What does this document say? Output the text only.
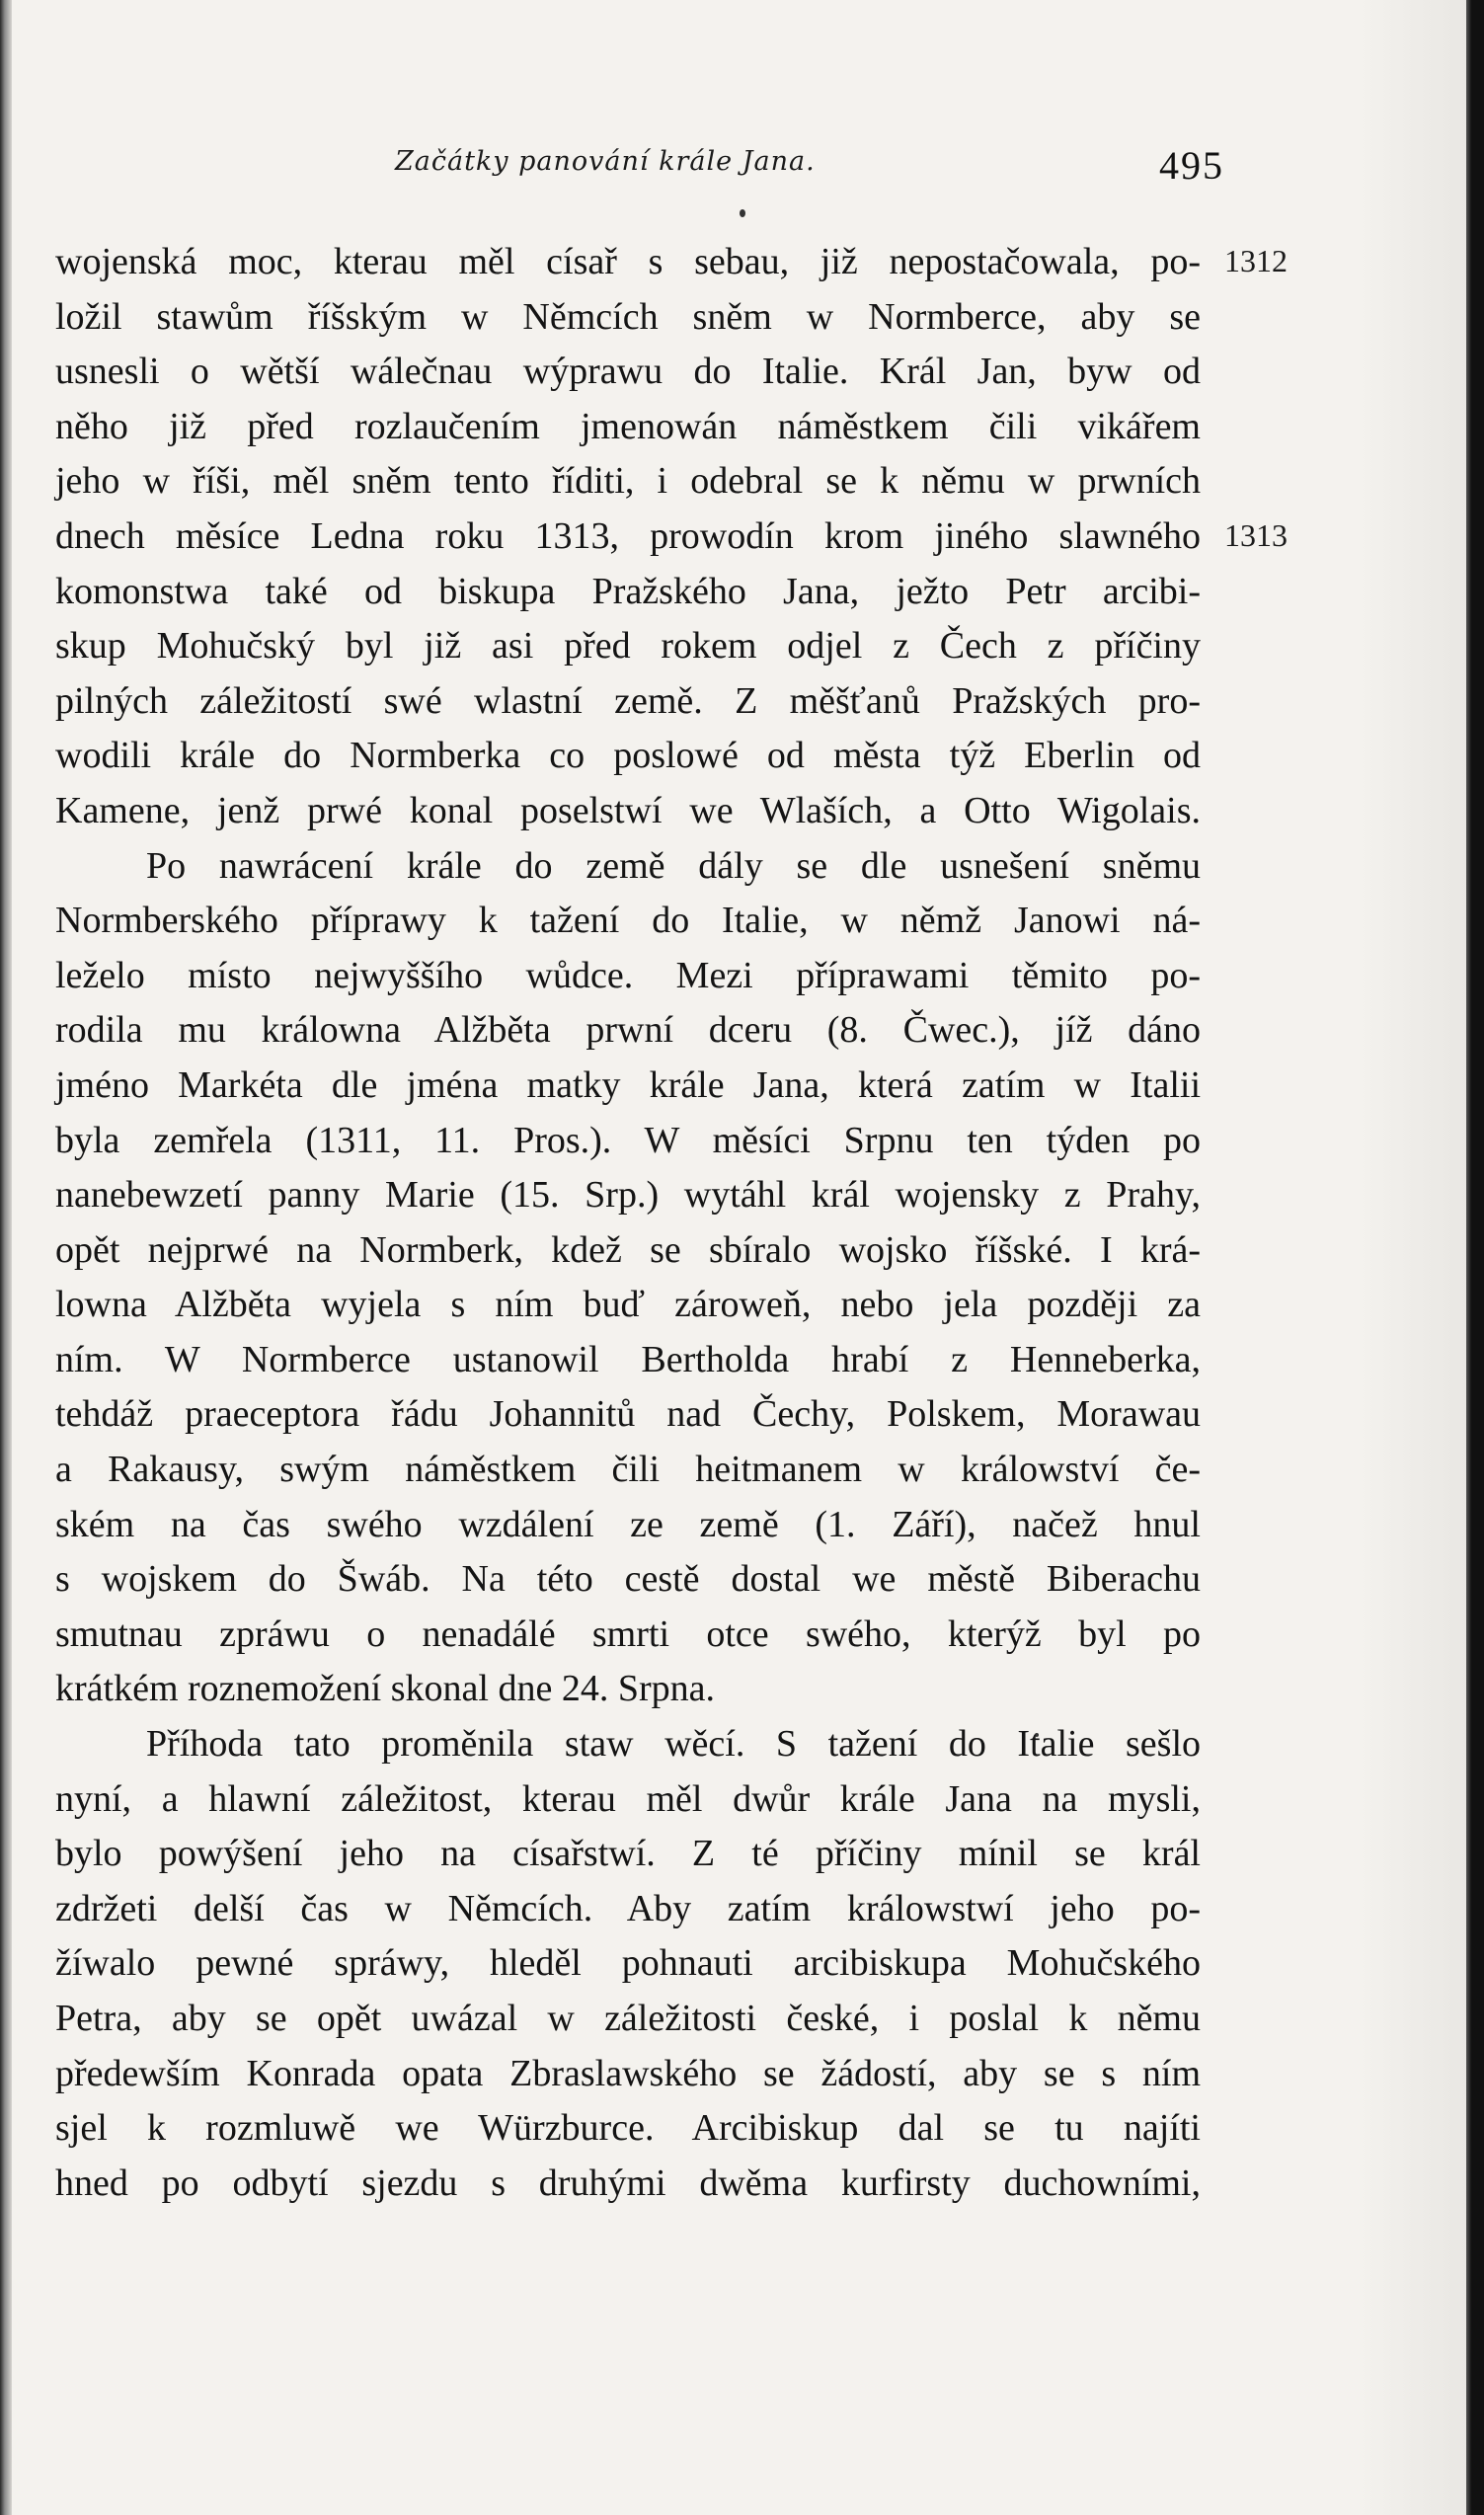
Začátky panování krále Jana.	495
1312
1313
wojenská moc, kterau měl císař s sebau, již nepostačowala, po-
ložil stawům říšským w Němcích sněm w Normberce, aby se
usnesli o wětší wálečnau wýprawu do Italie. Král Jan, byw od
něho již před rozlaučením jmenowán náměstkem čili vikářem
jeho w říši, měl sněm tento říditi, i odebral se k němu w prwních
dnech měsíce Ledna roku 1313, prowodín krom jiného slawného
komonstwa také od biskupa Pražského Jana, ježto Petr arcibi-
skup Mohučský byl již asi před rokem odjel z Čech z příčiny
pilných záležitostí swé wlastní země. Z měšťanů Pražských pro-
wodili krále do Normberka co poslowé od města týž Eberlin od
Kamene, jenž prwé konal poselstwí we Wlaších, a Otto Wigolais.
Po nawrácení krále do země dály se dle usnešení sněmu
Normberského příprawy k tažení do Italie, w němž Janowi ná-
leželo místo nejwyššího wůdce. Mezi příprawami těmito po-
rodila mu králowna Alžběta prwní dceru (8. Čwec.), jíž dáno
jméno Markéta dle jména matky krále Jana, která zatím w Italii
byla zemřela (1311, 11. Pros.). W měsíci Srpnu ten týden po
nanebewzetí panny Marie (15. Srp.) wytáhl král wojensky z Prahy,
opět nejprwé na Normberk, kdež se sbíralo wojsko říšské. I krá-
lowna Alžběta wyjela s ním buď zároweň, nebo jela později za
ním. W Normberce ustanowil Bertholda hrabí z Henneberka,
tehdáž praeceptora řádu Johannitů nad Čechy, Polskem, Morawau
a Rakausy, swým náměstkem čili heitmanem w králowství če-
ském na čas swého wzdálení ze země (1. Září), načež hnul
s wojskem do Šwáb. Na této cestě dostal we městě Biberachu
smutnau zpráwu o nenadálé smrti otce swého, kterýž byl po
krátkém roznemožení skonal dne 24. Srpna.
Příhoda tato proměnila staw wěcí. S tažení do Italie sešlo
nyní, a hlawní záležitost, kterau měl dwůr krále Jana na mysli,
bylo powýšení jeho na císařstwí. Z té příčiny mínil se král
zdržeti delší čas w Němcích. Aby zatím králowstwí jeho po-
žíwalo pewné spráwy, hleděl pohnauti arcibiskupa Mohučského
Petra, aby se opět uwázal w záležitosti české, i poslal k němu
předewším Konrada opata Zbraslawského se žádostí, aby se s ním
sjel k rozmluwě we Würzburce. Arcibiskup dal se tu najíti
hned po odbytí sjezdu s druhými dwěma kurfirsty duchowními,
